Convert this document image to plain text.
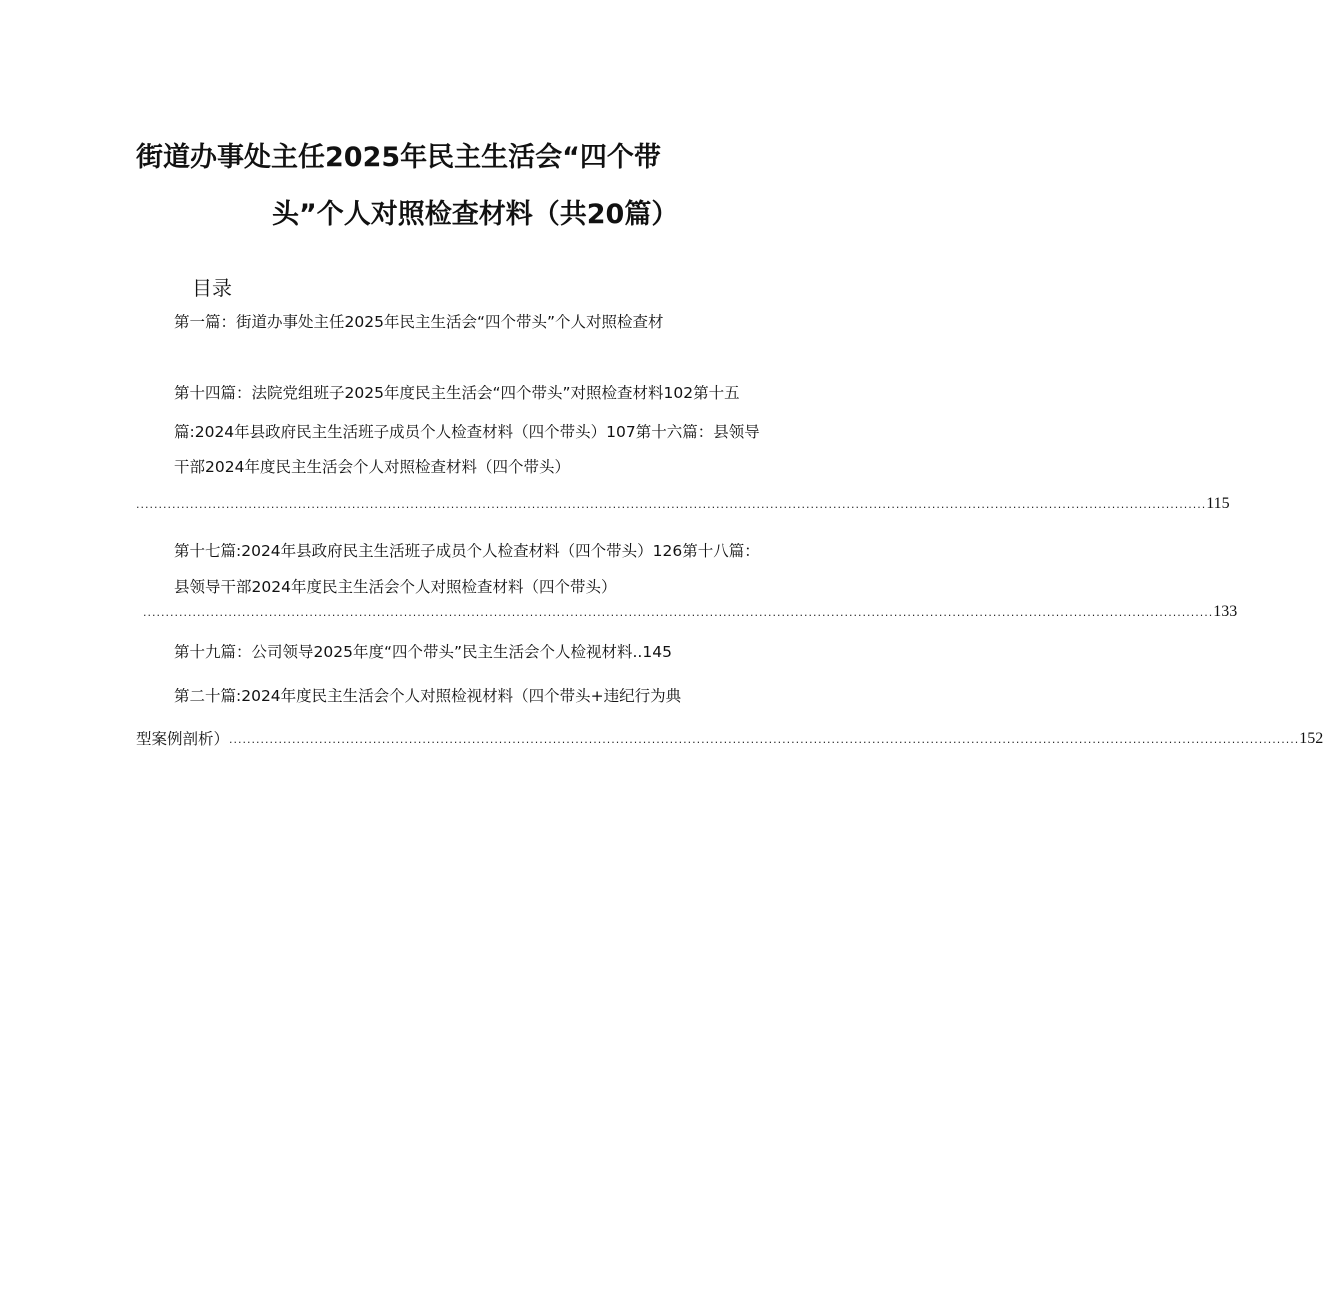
街道办事处主任2025年民主生活会“四个带
头”个人对照检查材料（共20篇）
目录
第一篇：街道办事处主任2025年民主生活会“四个带头”个人对照检查材
第十四篇：法院党组班子2025年度民主生活会“四个带头”对照检查材料102第十五
篇:2024年县政府民主生活班子成员个人检查材料（四个带头）107第十六篇：县领导
干部2024年度民主生活会个人对照检查材料（四个带头）
.............................................................................................................................................................................................................................................. 115
第十七篇:2024年县政府民主生活班子成员个人检查材料（四个带头）126第十八篇：
县领导干部2024年度民主生活会个人对照检查材料（四个带头）
.............................................................................................................................................................................................................................................. 133
第十九篇：公司领导2025年度“四个带头”民主生活会个人检视材料..145
第二十篇:2024年度民主生活会个人对照检视材料（四个带头+违纪行为典
型案例剖析） .............................................................................................................................................................................................................................................. 152
